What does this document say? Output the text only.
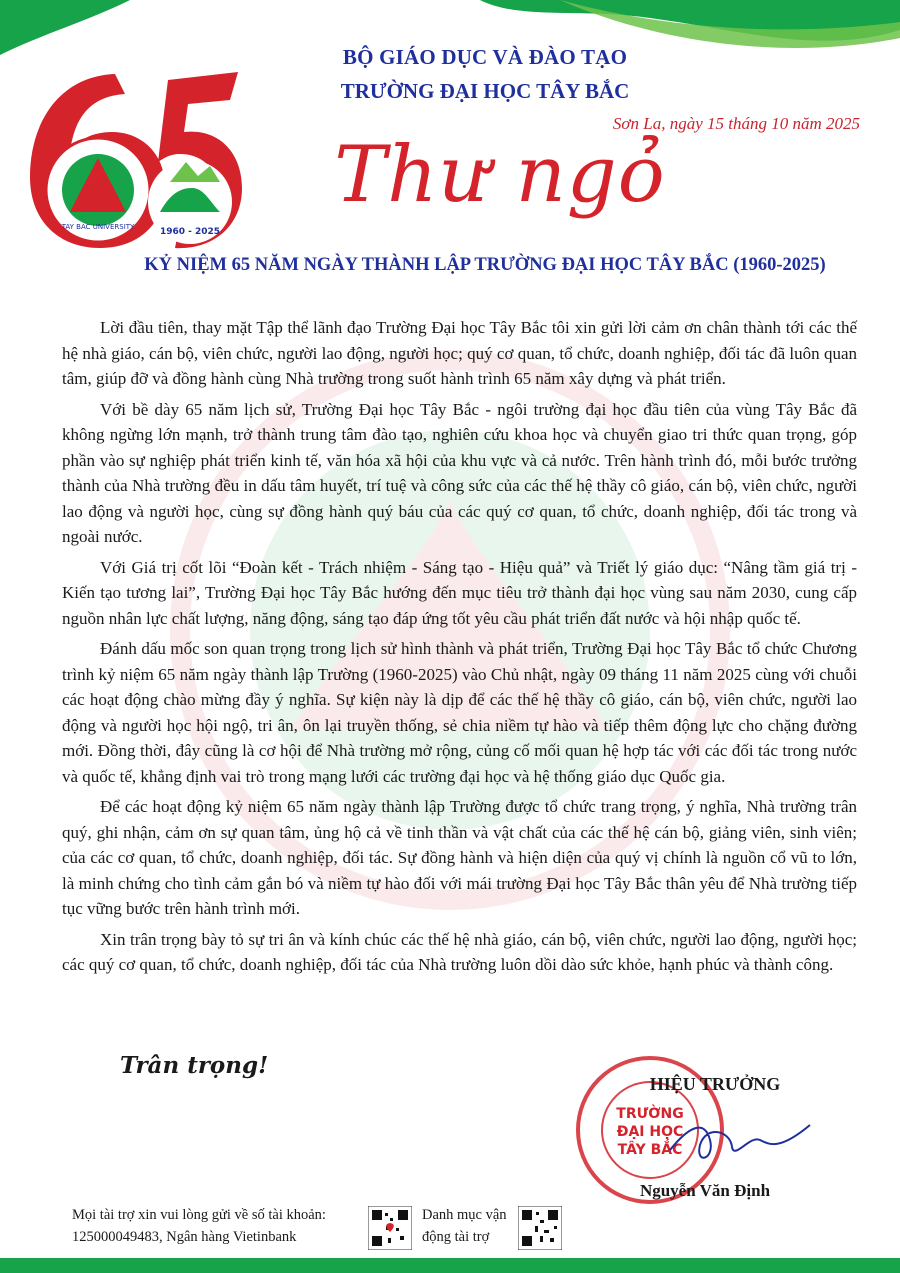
TAY BAC UNIVERSITY	1960 - 2025
BỘ GIÁO DỤC VÀ ĐÀO TẠO
TRƯỜNG ĐẠI HỌC TÂY BẮC
Sơn La, ngày 15 tháng 10 năm 2025
Thư ngỏ
KỶ NIỆM 65 NĂM NGÀY THÀNH LẬP TRƯỜNG ĐẠI HỌC TÂY BẮC (1960-2025)

Lời đầu tiên, thay mặt Tập thể lãnh đạo Trường Đại học Tây Bắc tôi xin gửi lời cảm ơn chân thành tới các thế hệ nhà giáo, cán bộ, viên chức, người lao động, người học; quý cơ quan, tổ chức, doanh nghiệp, đối tác đã luôn quan tâm, giúp đỡ và đồng hành cùng Nhà trường trong suốt hành trình 65 năm xây dựng và phát triển.

Với bề dày 65 năm lịch sử, Trường Đại học Tây Bắc - ngôi trường đại học đầu tiên của vùng Tây Bắc đã không ngừng lớn mạnh, trở thành trung tâm đào tạo, nghiên cứu khoa học và chuyển giao tri thức quan trọng, góp phần vào sự nghiệp phát triển kinh tế, văn hóa xã hội của khu vực và cả nước. Trên hành trình đó, mỗi bước trưởng thành của Nhà trường đều in dấu tâm huyết, trí tuệ và công sức của các thế hệ thầy cô giáo, cán bộ, viên chức, người lao động và người học, cùng sự đồng hành quý báu của các quý cơ quan, tổ chức, doanh nghiệp, đối tác trong và ngoài nước.

Với Giá trị cốt lõi “Đoàn kết - Trách nhiệm - Sáng tạo - Hiệu quả” và Triết lý giáo dục: “Nâng tầm giá trị - Kiến tạo tương lai”, Trường Đại học Tây Bắc hướng đến mục tiêu trở thành đại học vùng sau năm 2030, cung cấp nguồn nhân lực chất lượng, năng động, sáng tạo đáp ứng tốt yêu cầu phát triển đất nước và hội nhập quốc tế.

Đánh dấu mốc son quan trọng trong lịch sử hình thành và phát triển, Trường Đại học Tây Bắc tổ chức Chương trình kỷ niệm 65 năm ngày thành lập Trường (1960-2025) vào Chủ nhật, ngày 09 tháng 11 năm 2025 cùng với chuỗi các hoạt động chào mừng đầy ý nghĩa. Sự kiện này là dịp để các thế hệ thầy cô giáo, cán bộ, viên chức, người lao động và người học hội ngộ, tri ân, ôn lại truyền thống, sẻ chia niềm tự hào và tiếp thêm động lực cho chặng đường mới. Đồng thời, đây cũng là cơ hội để Nhà trường mở rộng, củng cố mối quan hệ hợp tác với các đối tác trong nước và quốc tế, khẳng định vai trò trong mạng lưới các trường đại học và hệ thống giáo dục Quốc gia.

Để các hoạt động kỷ niệm 65 năm ngày thành lập Trường được tổ chức trang trọng, ý nghĩa, Nhà trường trân quý, ghi nhận, cảm ơn sự quan tâm, ủng hộ cả về tinh thần và vật chất của các thế hệ cán bộ, giảng viên, sinh viên; của các cơ quan, tổ chức, doanh nghiệp, đối tác. Sự đồng hành và hiện diện của quý vị chính là nguồn cổ vũ to lớn, là minh chứng cho tình cảm gắn bó và niềm tự hào đối với mái trường Đại học Tây Bắc thân yêu để Nhà trường tiếp tục vững bước trên hành trình mới.

Xin trân trọng bày tỏ sự tri ân và kính chúc các thế hệ nhà giáo, cán bộ, viên chức, người lao động, người học; các quý cơ quan, tổ chức, doanh nghiệp, đối tác của Nhà trường luôn dồi dào sức khỏe, hạnh phúc và thành công.

Trân trọng!
TRƯỜNG
ĐẠI HỌC
TÂY BẮC
HIỆU TRƯỞNG
Nguyễn Văn Định
Mọi tài trợ xin vui lòng gửi về số tài khoản: 125000049483, Ngân hàng Vietinbank
Danh mục vận động tài trợ
